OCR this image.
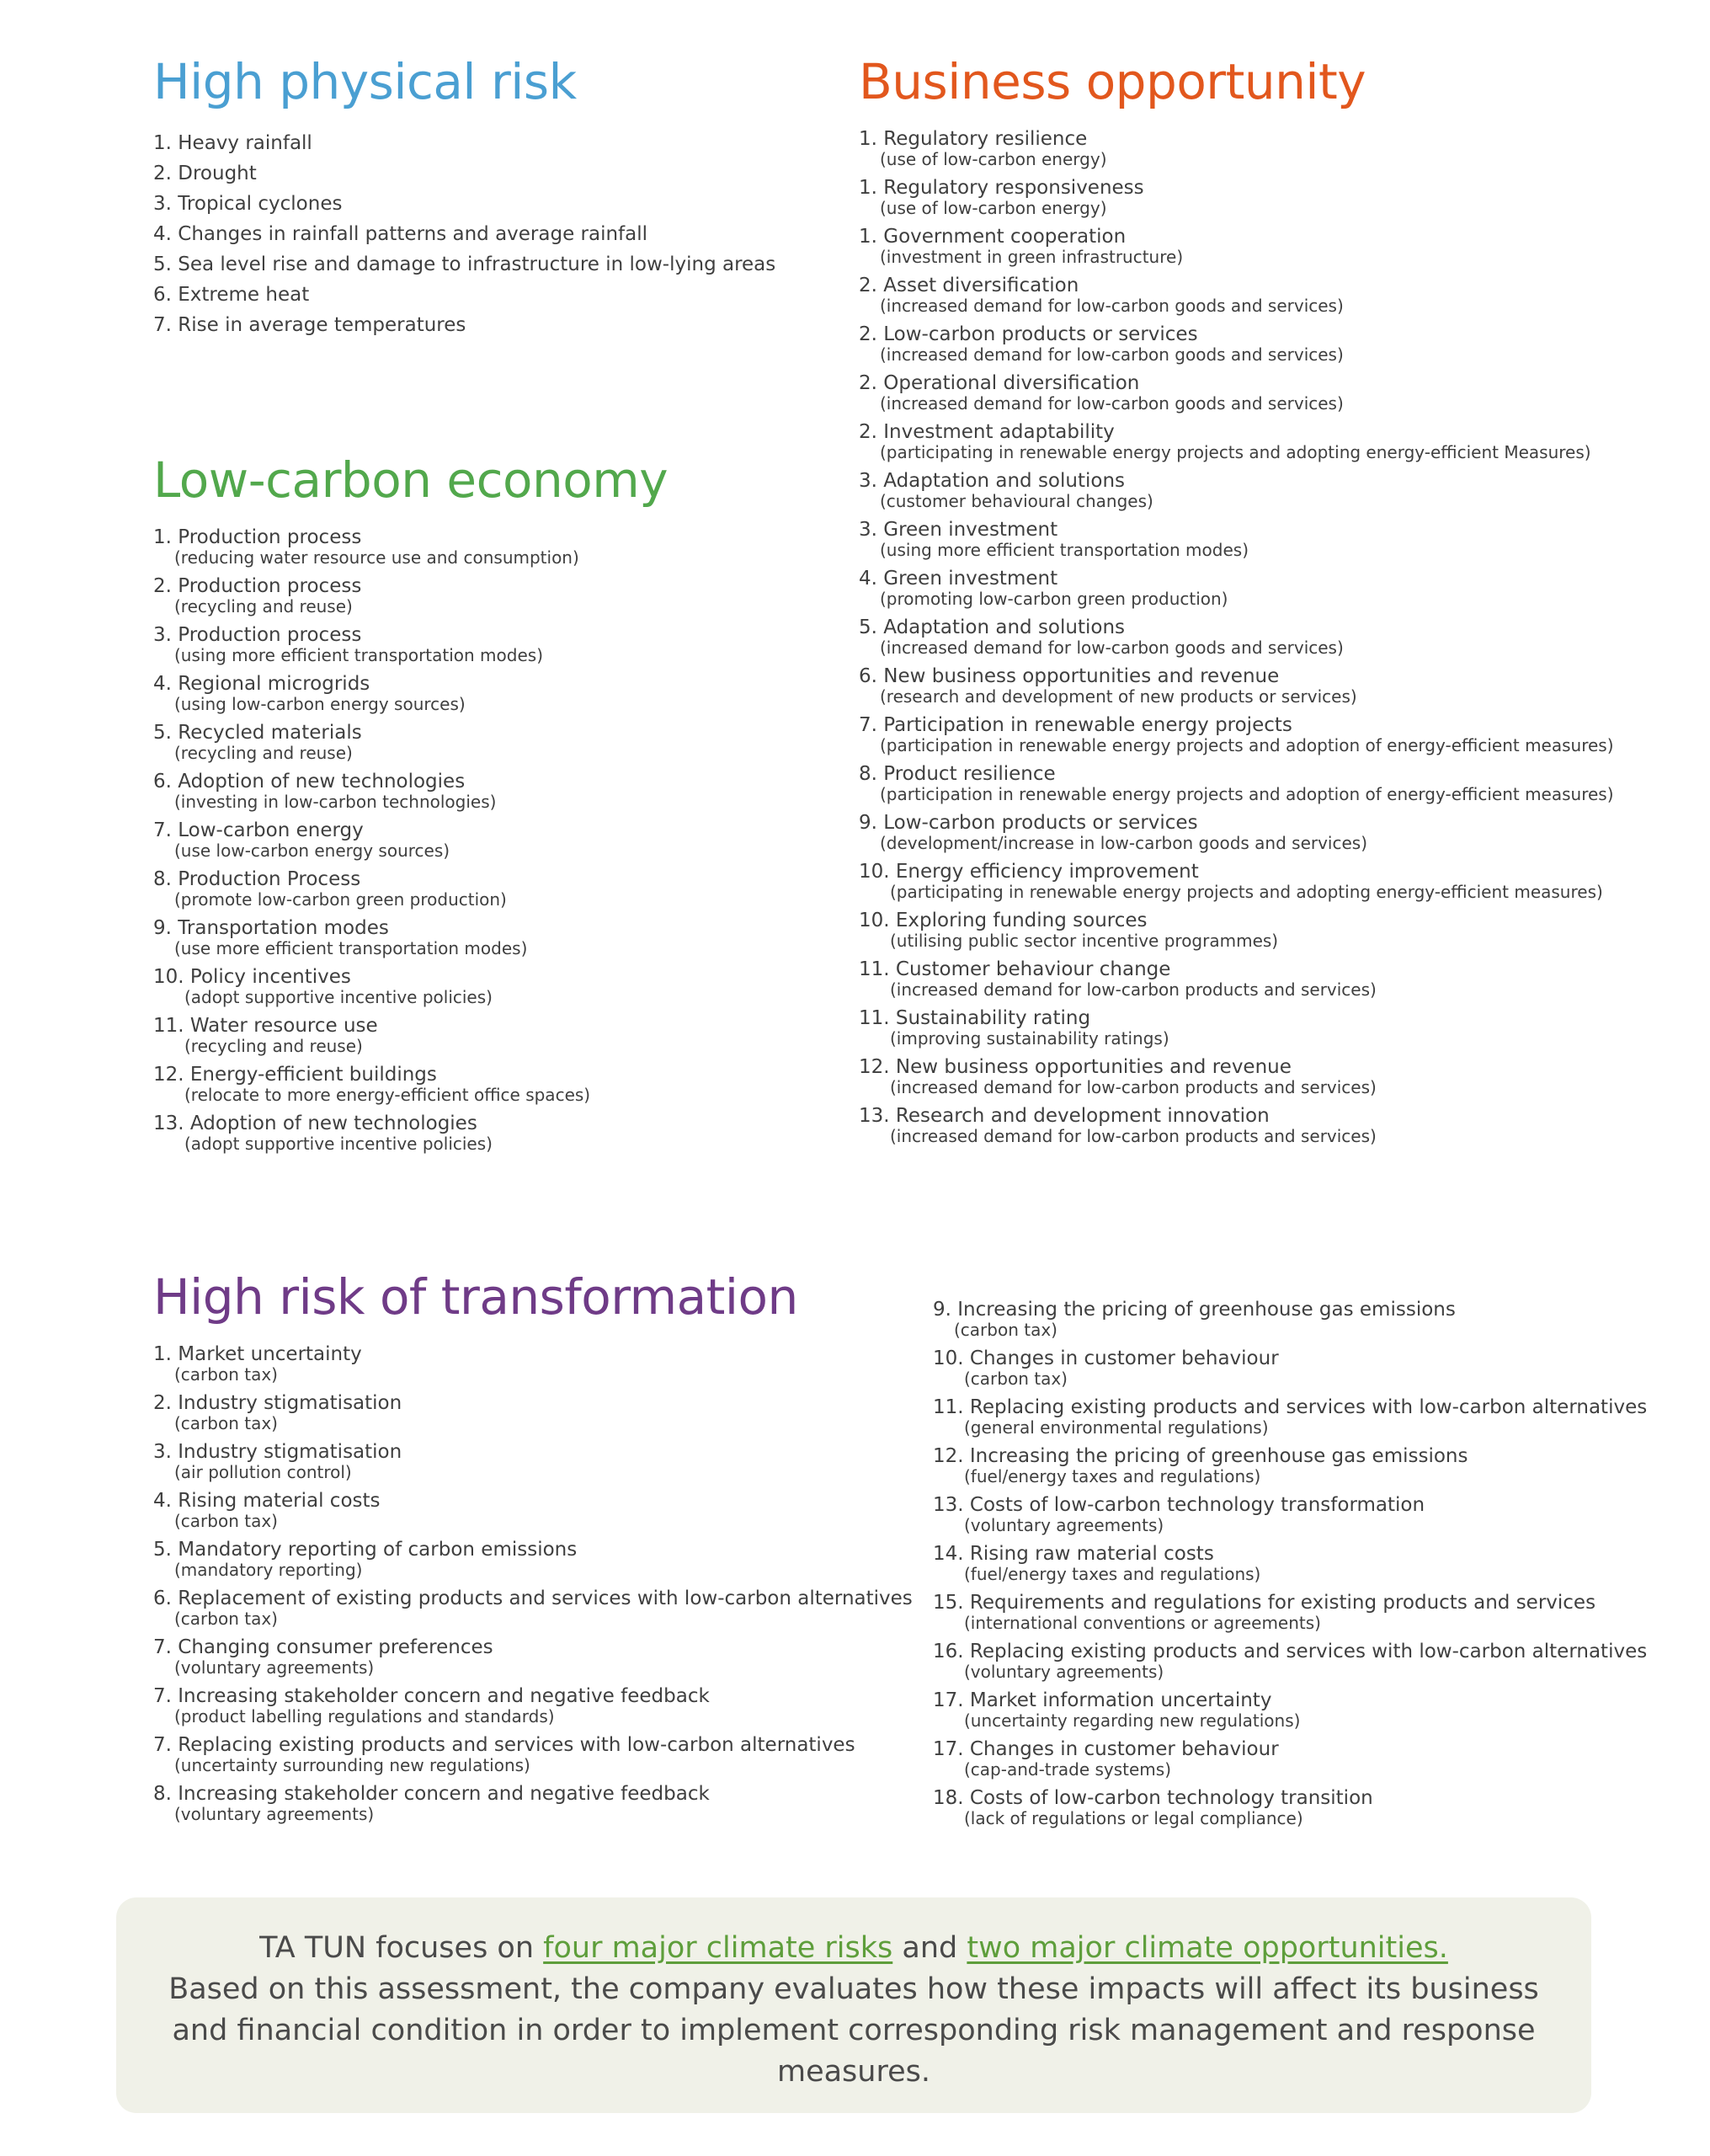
High physical risk
1. Heavy rainfall
2. Drought
3. Tropical cyclones
4. Changes in rainfall patterns and average rainfall
5. Sea level rise and damage to infrastructure in low-lying areas
6. Extreme heat
7. Rise in average temperatures
Low-carbon economy
1. Production process
(reducing water resource use and consumption)
2. Production process
(recycling and reuse)
3. Production process
(using more efficient transportation modes)
4. Regional microgrids
(using low-carbon energy sources)
5. Recycled materials
(recycling and reuse)
6. Adoption of new technologies
(investing in low-carbon technologies)
7. Low-carbon energy
(use low-carbon energy sources)
8. Production Process
(promote low-carbon green production)
9. Transportation modes
(use more efficient transportation modes)
10. Policy incentives
(adopt supportive incentive policies)
11. Water resource use
(recycling and reuse)
12. Energy-efficient buildings
(relocate to more energy-efficient office spaces)
13. Adoption of new technologies
(adopt supportive incentive policies)
Business opportunity
1. Regulatory resilience
(use of low-carbon energy)
1. Regulatory responsiveness
(use of low-carbon energy)
1. Government cooperation
(investment in green infrastructure)
2. Asset diversification
(increased demand for low-carbon goods and services)
2. Low-carbon products or services
(increased demand for low-carbon goods and services)
2. Operational diversification
(increased demand for low-carbon goods and services)
2. Investment adaptability
(participating in renewable energy projects and adopting energy-efficient Measures)
3. Adaptation and solutions
(customer behavioural changes)
3. Green investment
(using more efficient transportation modes)
4. Green investment
(promoting low-carbon green production)
5. Adaptation and solutions
(increased demand for low-carbon goods and services)
6. New business opportunities and revenue
(research and development of new products or services)
7. Participation in renewable energy projects
(participation in renewable energy projects and adoption of energy-efficient measures)
8. Product resilience
(participation in renewable energy projects and adoption of energy-efficient measures)
9. Low-carbon products or services
(development/increase in low-carbon goods and services)
10. Energy efficiency improvement
(participating in renewable energy projects and adopting energy-efficient measures)
10. Exploring funding sources
(utilising public sector incentive programmes)
11. Customer behaviour change
(increased demand for low-carbon products and services)
11. Sustainability rating
(improving sustainability ratings)
12. New business opportunities and revenue
(increased demand for low-carbon products and services)
13. Research and development innovation
(increased demand for low-carbon products and services)
High risk of transformation
1. Market uncertainty
(carbon tax)
2. Industry stigmatisation
(carbon tax)
3. Industry stigmatisation
(air pollution control)
4. Rising material costs
(carbon tax)
5. Mandatory reporting of carbon emissions
(mandatory reporting)
6. Replacement of existing products and services with low-carbon alternatives
(carbon tax)
7. Changing consumer preferences
(voluntary agreements)
7. Increasing stakeholder concern and negative feedback
(product labelling regulations and standards)
7. Replacing existing products and services with low-carbon alternatives
(uncertainty surrounding new regulations)
8. Increasing stakeholder concern and negative feedback
(voluntary agreements)
9. Increasing the pricing of greenhouse gas emissions
(carbon tax)
10. Changes in customer behaviour
(carbon tax)
11. Replacing existing products and services with low-carbon alternatives
(general environmental regulations)
12. Increasing the pricing of greenhouse gas emissions
(fuel/energy taxes and regulations)
13. Costs of low-carbon technology transformation
(voluntary agreements)
14. Rising raw material costs
(fuel/energy taxes and regulations)
15. Requirements and regulations for existing products and services
(international conventions or agreements)
16. Replacing existing products and services with low-carbon alternatives
(voluntary agreements)
17. Market information uncertainty
(uncertainty regarding new regulations)
17. Changes in customer behaviour
(cap-and-trade systems)
18. Costs of low-carbon technology transition
(lack of regulations or legal compliance)
TA TUN focuses on four major climate risks and two major climate opportunities.
Based on this assessment, the company evaluates how these impacts will affect its business and financial condition in order to implement corresponding risk management and response measures.
